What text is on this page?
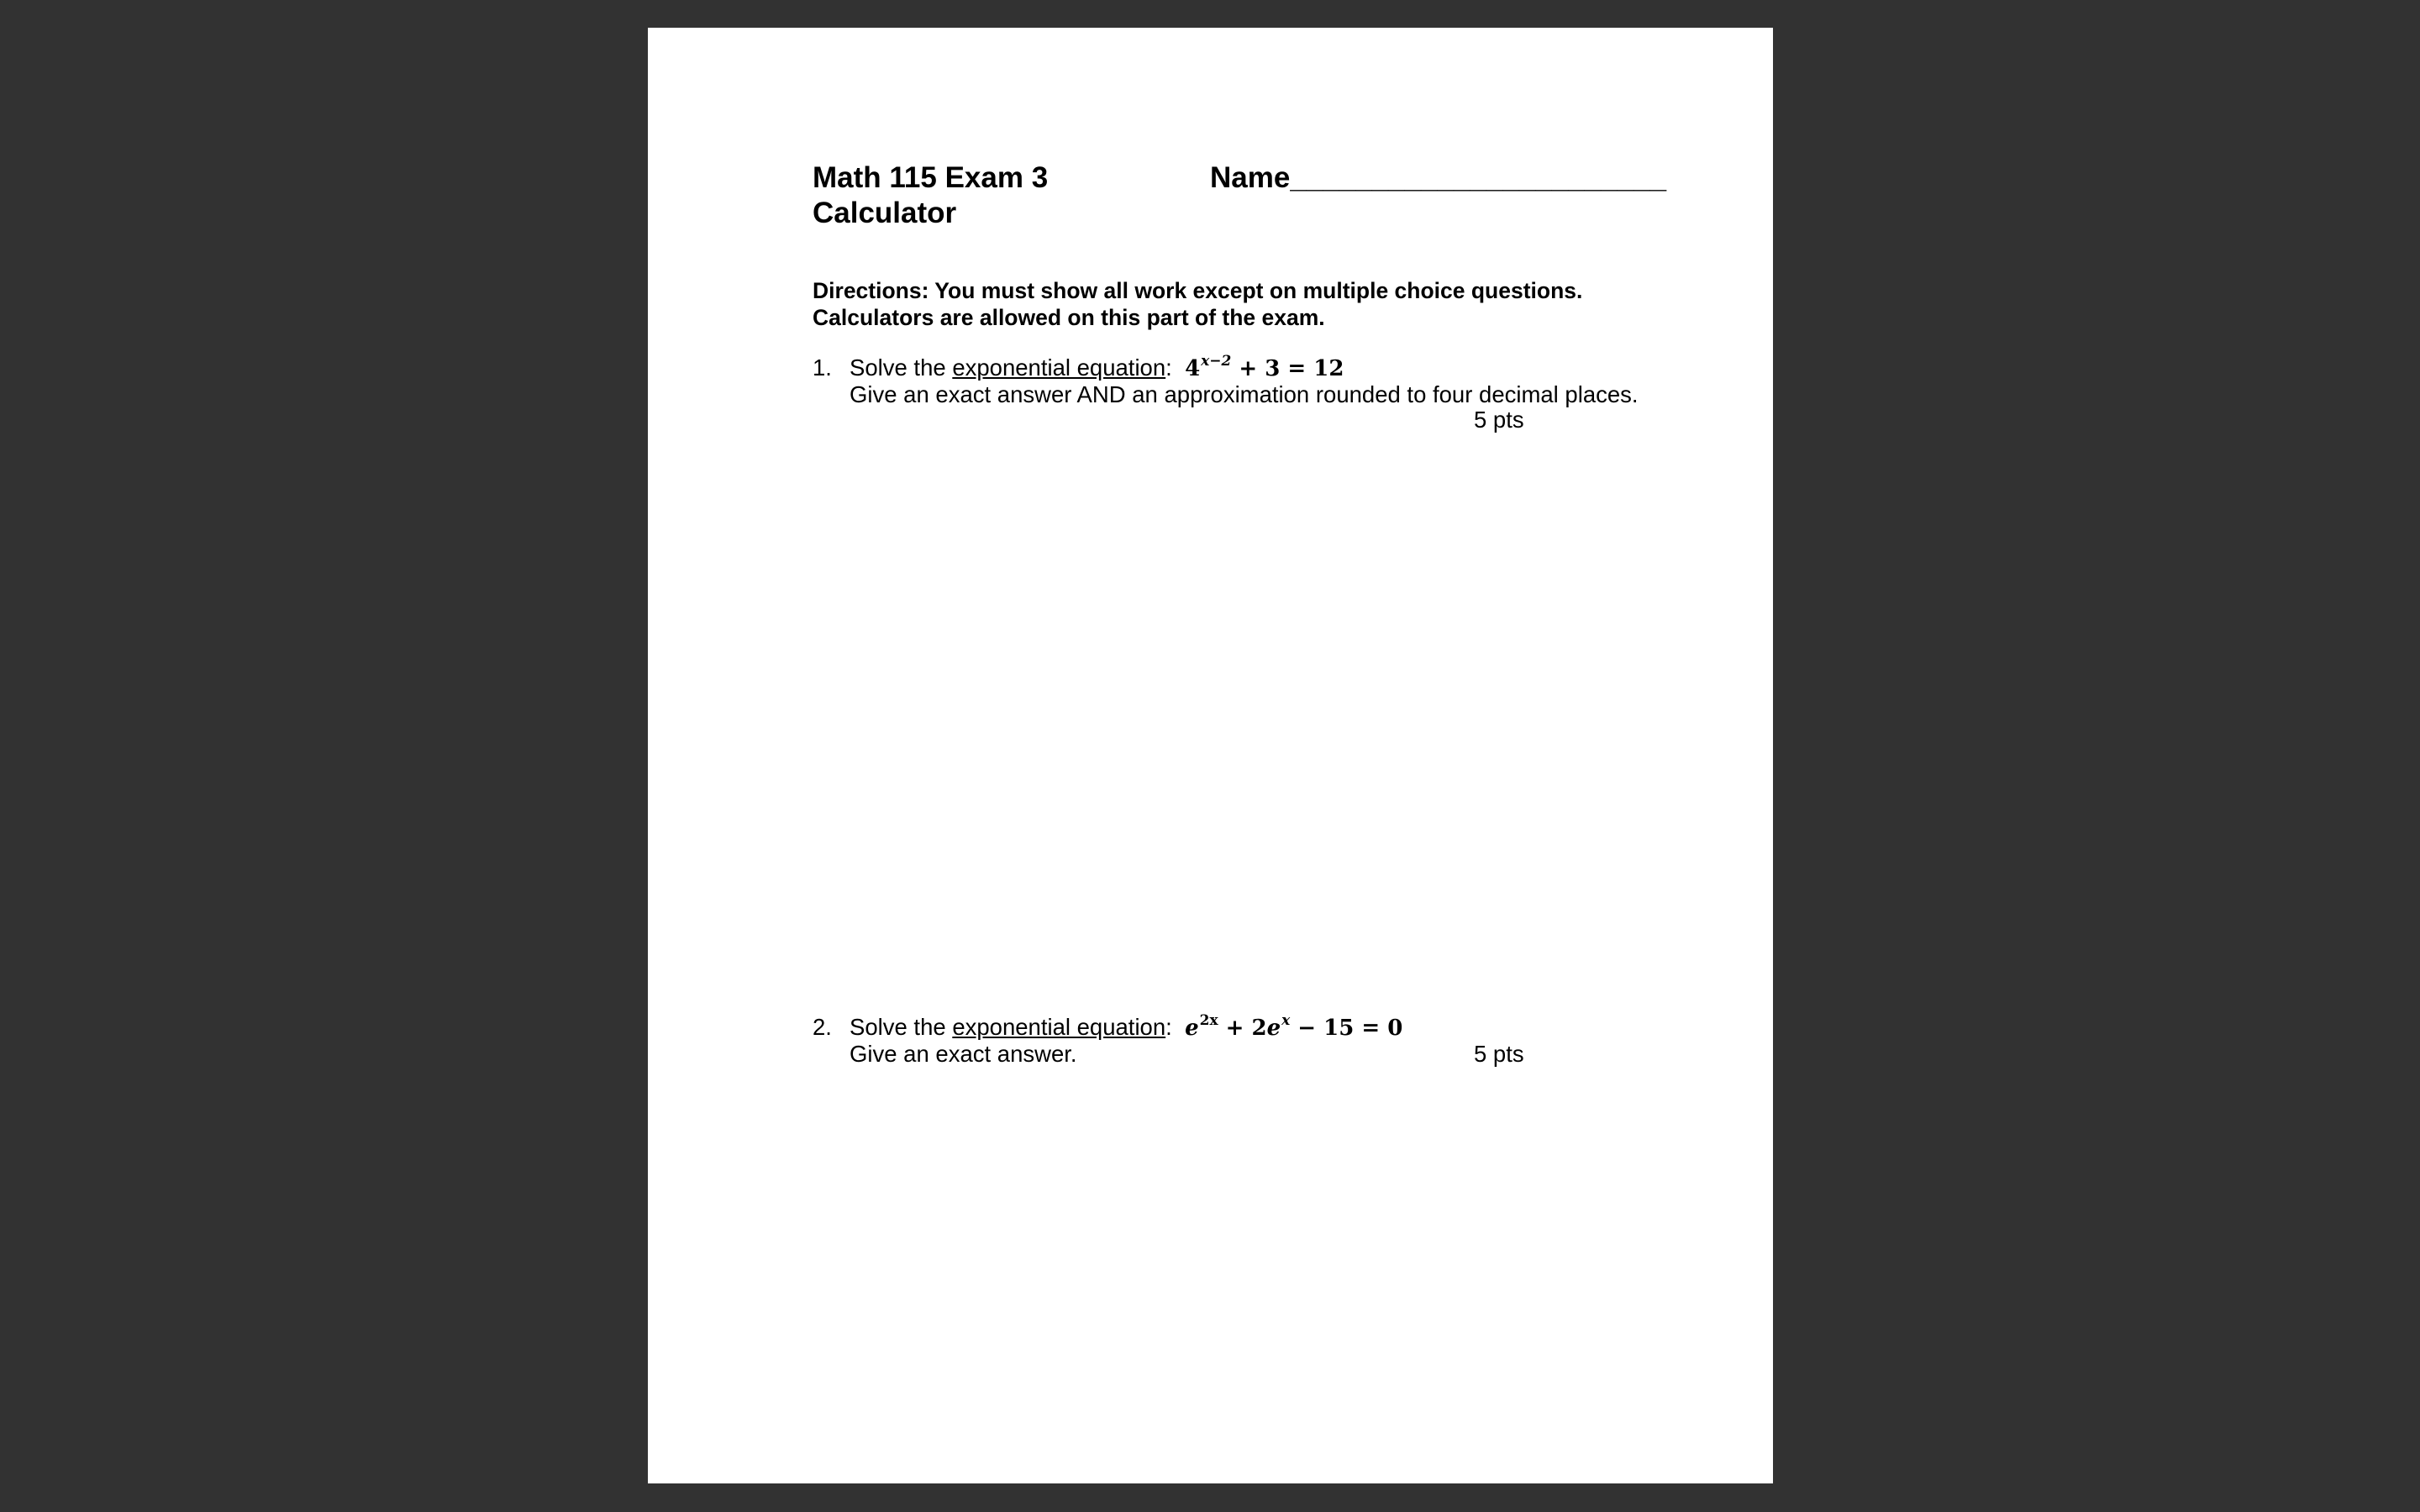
Math 115 Exam 3
Calculator
Name_______________________
Directions: You must show all work except on multiple choice questions.
Calculators are allowed on this part of the exam.
1. Solve the exponential equation: $4^{x-2} + 3 = 12$
Give an exact answer AND an approximation rounded to four decimal places.
5 pts
2. Solve the exponential equation: $e^{2x} + 2e^x - 15 = 0$
Give an exact answer.	5 pts
